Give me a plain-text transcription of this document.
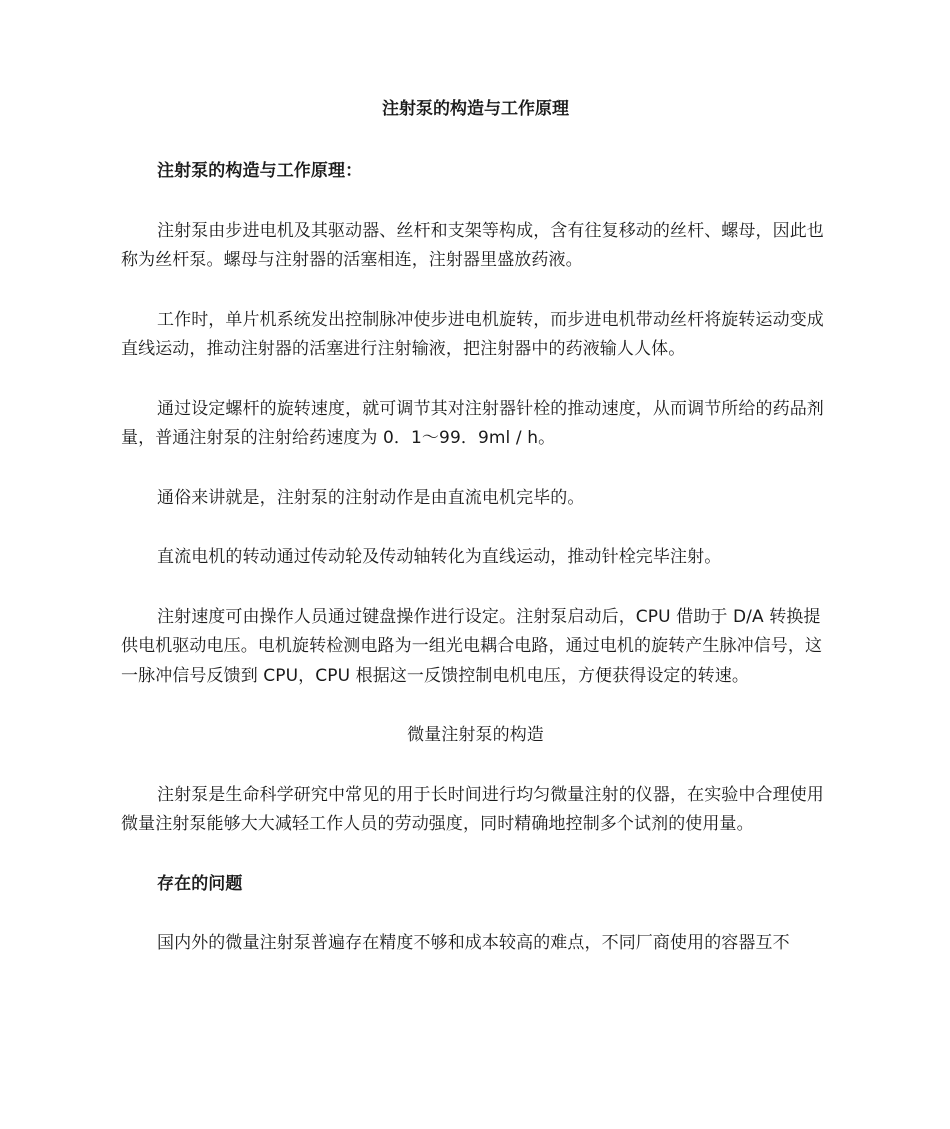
注射泵的构造与工作原理

注射泵的构造与工作原理：

注射泵由步进电机及其驱动器、丝杆和支架等构成，含有往复移动的丝杆、螺母，因此也称为丝杆泵。螺母与注射器的活塞相连，注射器里盛放药液。

工作时，单片机系统发出控制脉冲使步进电机旋转，而步进电机带动丝杆将旋转运动变成直线运动，推动注射器的活塞进行注射输液，把注射器中的药液输人人体。

通过设定螺杆的旋转速度，就可调节其对注射器针栓的推动速度，从而调节所给的药品剂量，普通注射泵的注射给药速度为 0．1～99．9ml / h。

通俗来讲就是，注射泵的注射动作是由直流电机完毕的。

直流电机的转动通过传动轮及传动轴转化为直线运动，推动针栓完毕注射。

注射速度可由操作人员通过键盘操作进行设定。注射泵启动后，CPU 借助于 D/A 转换提供电机驱动电压。电机旋转检测电路为一组光电耦合电路，通过电机的旋转产生脉冲信号，这一脉冲信号反馈到 CPU，CPU 根据这一反馈控制电机电压，方便获得设定的转速。

微量注射泵的构造

注射泵是生命科学研究中常见的用于长时间进行均匀微量注射的仪器，在实验中合理使用微量注射泵能够大大减轻工作人员的劳动强度，同时精确地控制多个试剂的使用量。

存在的问题

国内外的微量注射泵普遍存在精度不够和成本较高的难点，不同厂商使用的容器互不
